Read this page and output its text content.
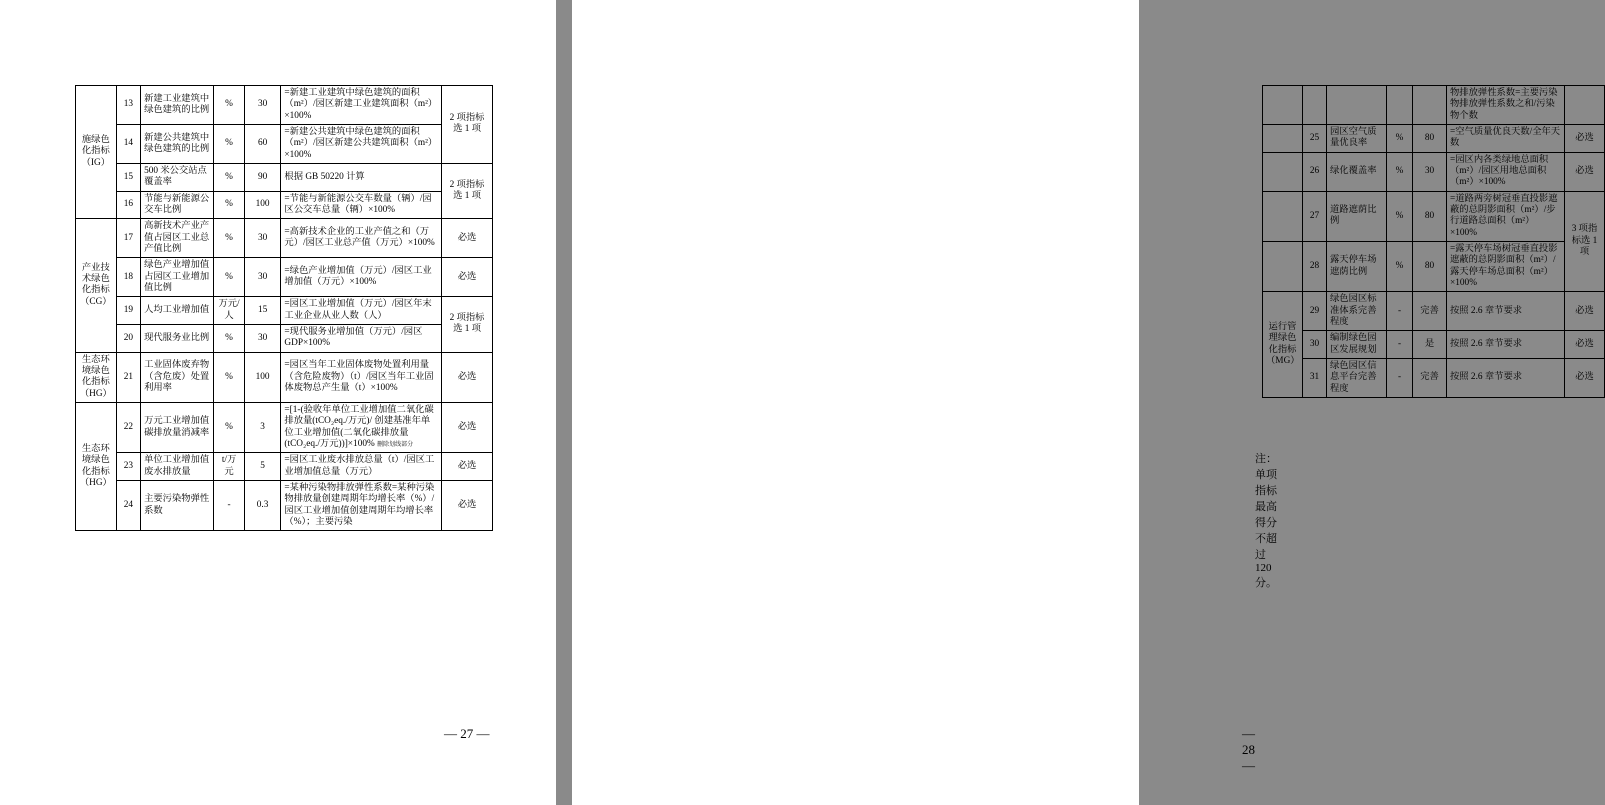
施绿色化指标（IG）	13	新建工业建筑中绿色建筑的比例	%	30	=新建工业建筑中绿色建筑的面积（m²）/园区新建工业建筑面积（m²）×100%	2 项指标选 1 项
	14	新建公共建筑中绿色建筑的比例	%	60	=新建公共建筑中绿色建筑的面积（m²）/园区新建公共建筑面积（m²）×100%	
	15	500 米公交站点覆盖率	%	90	根据 GB 50220 计算	2 项指标选 1 项
	16	节能与新能源公交车比例	%	100	=节能与新能源公交车数量（辆）/园区公交车总量（辆）×100%	
产业技术绿色化指标（CG）	17	高新技术产业产值占园区工业总产值比例	%	30	=高新技术企业的工业产值之和（万元）/园区工业总产值（万元）×100%	必选
	18	绿色产业增加值占园区工业增加值比例	%	30	=绿色产业增加值（万元）/园区工业增加值（万元）×100%	必选
	19	人均工业增加值	万元/人	15	=园区工业增加值（万元）/园区年末工业企业从业人数（人）	2 项指标选 1 项
	20	现代服务业比例	%	30	=现代服务业增加值（万元）/园区 GDP×100%	
生态环境绿色化指标（HG）	21	工业固体废弃物（含危废）处置利用率	%	100	=园区当年工业固体废物处置利用量（含危险废物）（t）/园区当年工业固体废物总产生量（t）×100%	必选
生态环境绿色化指标（HG）	22	万元工业增加值碳排放量消减率	%	3	=[1-(验收年单位工业增加值二氧化碳排放量(tCO₂eq./万元)/ 创建基准年单位工业增加值(二氧化碳排放量(tCO₂eq./万元))]×100% 删除划线部分	必选
	23	单位工业增加值废水排放量	t/万元	5	=园区工业废水排放总量（t）/园区工业增加值总量（万元）	必选
	24	主要污染物弹性系数	-	0.3	=某种污染物排放弹性系数=某种污染物排放量创建周期年均增长率（%）/园区工业增加值创建周期年均增长率（%）；主要污染	必选
— 27 —
					物排放弹性系数=主要污染物排放弹性系数之和/污染物个数	
	25	园区空气质量优良率	%	80	=空气质量优良天数/全年天数	必选
	26	绿化覆盖率	%	30	=园区内各类绿地总面积（m²）/园区用地总面积（m²）×100%	必选
	27	道路遮荫比例	%	80	=道路两旁树冠垂直投影遮蔽的总阴影面积（m²）/步行道路总面积（m²）×100%	3 项指标选 1 项
	28	露天停车场遮荫比例	%	80	=露天停车场树冠垂直投影遮蔽的总阴影面积（m²）/露天停车场总面积（m²）×100%	
运行管理绿色化指标（MG）	29	绿色园区标准体系完善程度	-	完善	按照 2.6 章节要求	必选
	30	编制绿色园区发展规划	-	是	按照 2.6 章节要求	必选
	31	绿色园区信息平台完善程度	-	完善	按照 2.6 章节要求	必选
注：单项指标最高得分不超过 120 分。
— 28 —
